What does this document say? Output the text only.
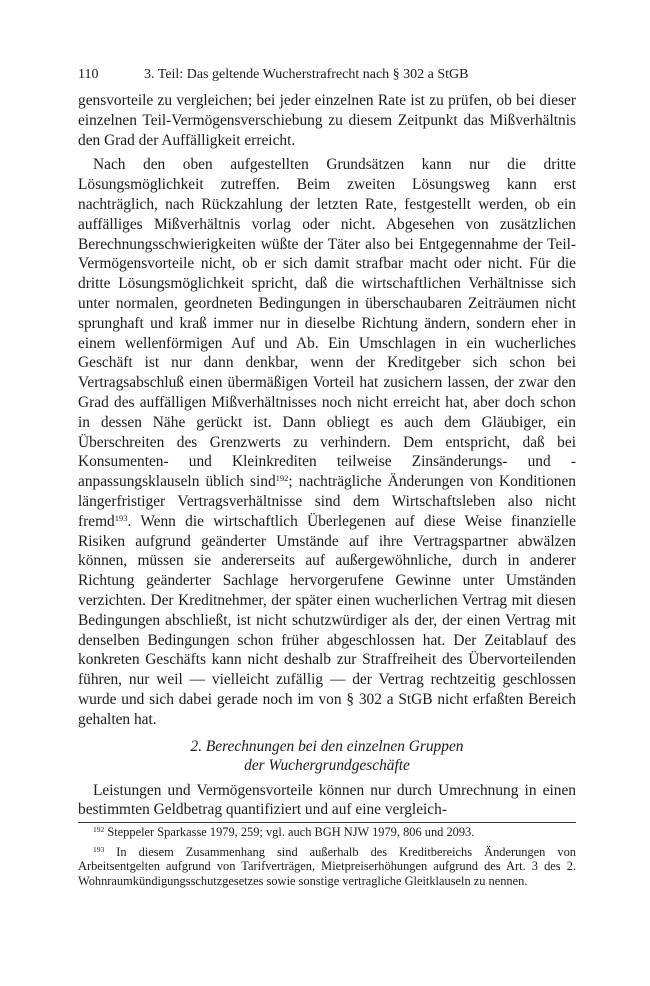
110	3. Teil: Das geltende Wucherstrafrecht nach § 302 a StGB

gensvorteile zu vergleichen; bei jeder einzelnen Rate ist zu prüfen, ob bei dieser einzelnen Teil-Vermögensverschiebung zu diesem Zeitpunkt das Mißverhältnis den Grad der Auffälligkeit erreicht.

Nach den oben aufgestellten Grundsätzen kann nur die dritte Lösungsmöglichkeit zutreffen. Beim zweiten Lösungsweg kann erst nachträglich, nach Rückzahlung der letzten Rate, festgestellt werden, ob ein auffälliges Mißverhältnis vorlag oder nicht. Abgesehen von zusätzlichen Berechnungsschwierigkeiten wüßte der Täter also bei Entgegennahme der Teil-Vermögensvorteile nicht, ob er sich damit strafbar macht oder nicht. Für die dritte Lösungsmöglichkeit spricht, daß die wirtschaftlichen Verhältnisse sich unter normalen, geordneten Bedingungen in überschaubaren Zeiträumen nicht sprunghaft und kraß immer nur in dieselbe Richtung ändern, sondern eher in einem wellenförmigen Auf und Ab. Ein Umschlagen in ein wucherliches Geschäft ist nur dann denkbar, wenn der Kreditgeber sich schon bei Vertragsabschluß einen übermäßigen Vorteil hat zusichern lassen, der zwar den Grad des auffälligen Mißverhältnisses noch nicht erreicht hat, aber doch schon in dessen Nähe gerückt ist. Dann obliegt es auch dem Gläubiger, ein Überschreiten des Grenzwerts zu verhindern. Dem entspricht, daß bei Konsumenten- und Kleinkrediten teilweise Zinsänderungs- und -anpassungsklauseln üblich sind$^{192}$; nachträgliche Änderungen von Konditionen längerfristiger Vertragsverhältnisse sind dem Wirtschaftsleben also nicht fremd$^{193}$. Wenn die wirtschaftlich Überlegenen auf diese Weise finanzielle Risiken aufgrund geänderter Umstände auf ihre Vertragspartner abwälzen können, müssen sie andererseits auf außergewöhnliche, durch in anderer Richtung geänderter Sachlage hervorgerufene Gewinne unter Umständen verzichten. Der Kreditnehmer, der später einen wucherlichen Vertrag mit diesen Bedingungen abschließt, ist nicht schutzwürdiger als der, der einen Vertrag mit denselben Bedingungen schon früher abgeschlossen hat. Der Zeitablauf des konkreten Geschäfts kann nicht deshalb zur Straffreiheit des Übervorteilenden führen, nur weil — vielleicht zufällig — der Vertrag rechtzeitig geschlossen wurde und sich dabei gerade noch im von § 302 a StGB nicht erfaßten Bereich gehalten hat.

2. Berechnungen bei den einzelnen Gruppen
der Wuchergrundgeschäfte

Leistungen und Vermögensvorteile können nur durch Umrechnung in einen bestimmten Geldbetrag quantifiziert und auf eine vergleich-

$^{192}$ Steppeler Sparkasse 1979, 259; vgl. auch BGH NJW 1979, 806 und 2093.

$^{193}$ In diesem Zusammenhang sind außerhalb des Kreditbereichs Änderungen von Arbeitsentgelten aufgrund von Tarifverträgen, Mietpreiserhöhungen aufgrund des Art. 3 des 2. Wohnraumkündigungsschutzgesetzes sowie sonstige vertragliche Gleitklauseln zu nennen.
